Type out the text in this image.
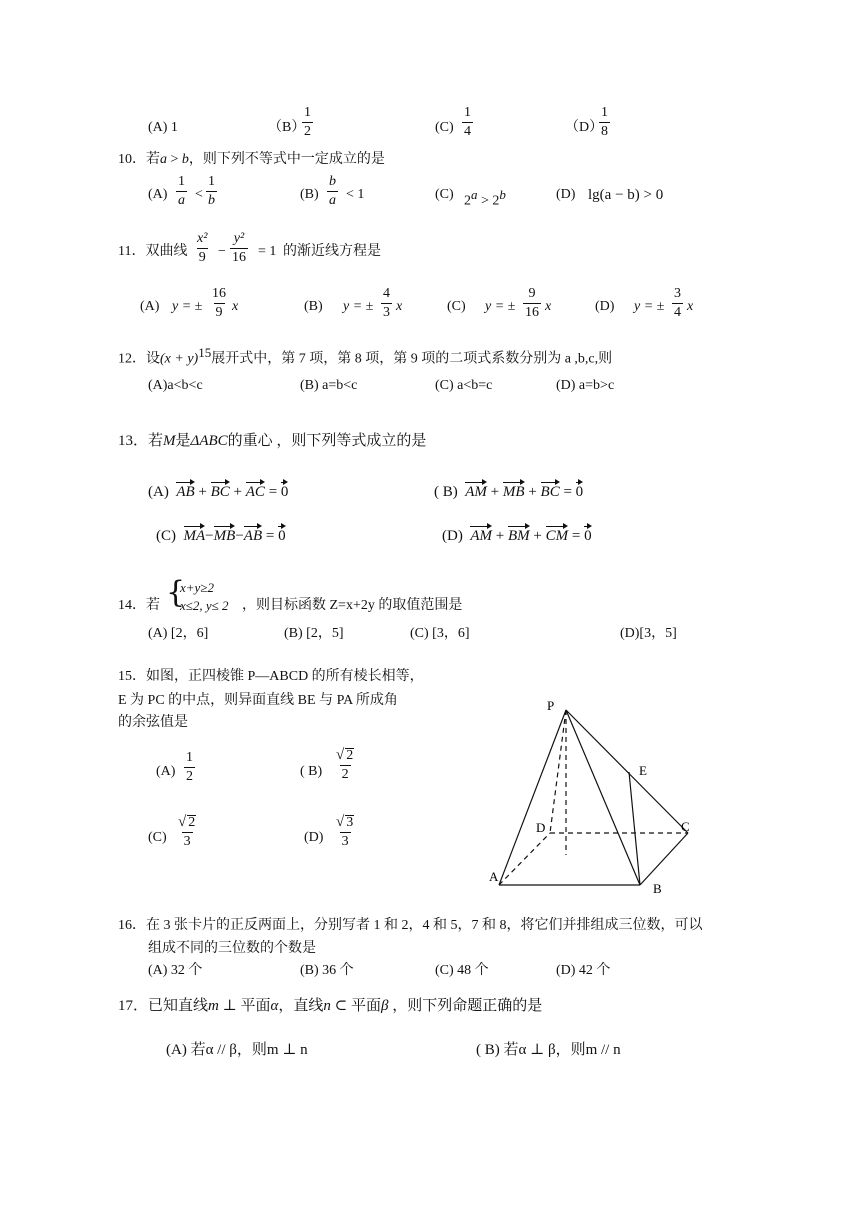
(A) 1	（B）
$\frac{1}{2}$	$(C) \frac{1}{4}$	（D）
$\frac{1}{8}$
10．若a > b，则下列不等式中一定成立的是
$(A) \frac{1}{a} < \frac{1}{b}$	$(B) \frac{b}{a} < 1$	(C) $2^a > 2^b$	(D) lg(a − b) > 0
11．双曲线 $\frac{\text{x²}}{9} - \frac{\text{y²}}{16} = 1$ 的渐近线方程是
(A) y = ± $\frac{16}{9}$ x	(B) y = ± $\frac{4}{3}$ x	(C) y = ± $\frac{9}{16}$ x	(D) y = ± $\frac{3}{4}$ x
12．设$(x + y)^{15}$展开式中，第 7 项，第 8 项，第 9 项的二项式系数分别为 a ,b,c,则
(A)a<b<c	(B) a=b<c	(C) a<b=c	(D) a=b>c
13．若M是ΔABC的重心 ，则下列等式成立的是
(A) AB + BC + AC = 0	( B) AM + MB + BC = 0
(C) MA−MB−AB = 0	(D) AM + BM + CM = 0
14．若 {
x+y≥2
x≤2, y≤ 2 ，则目标函数 Z=x+2y 的取值范围是
(A) [2，6]	(B) [2，5]	(C) [3，6]	(D)[3，5]
15．如图，正四棱锥 P—ABCD 的所有棱长相等，
E 为 PC 的中点，则异面直线 BE 与 PA 所成角
的余弦值是
$(A) \frac{1}{2}$	( $B) \frac{√ 2}{2}$
$(C) \frac{√ 2}{3}$	$(D) \frac{√ 3}{3}$
P
E
D	C
A
B
16．在 3 张卡片的正反两面上，分别写者 1 和 2，4 和 5，7 和 8，将它们并排组成三位数，可以
组成不同的三位数的个数是
(A) 32 个	(B) 36 个	(C) 48 个	(D) 42 个
17．已知直线m ⊥ 平面α，直线n ⊂ 平面β ，则下列命题正确的是
(A) 若α // β，则m ⊥ n	( B) 若α ⊥ β，则m // n
